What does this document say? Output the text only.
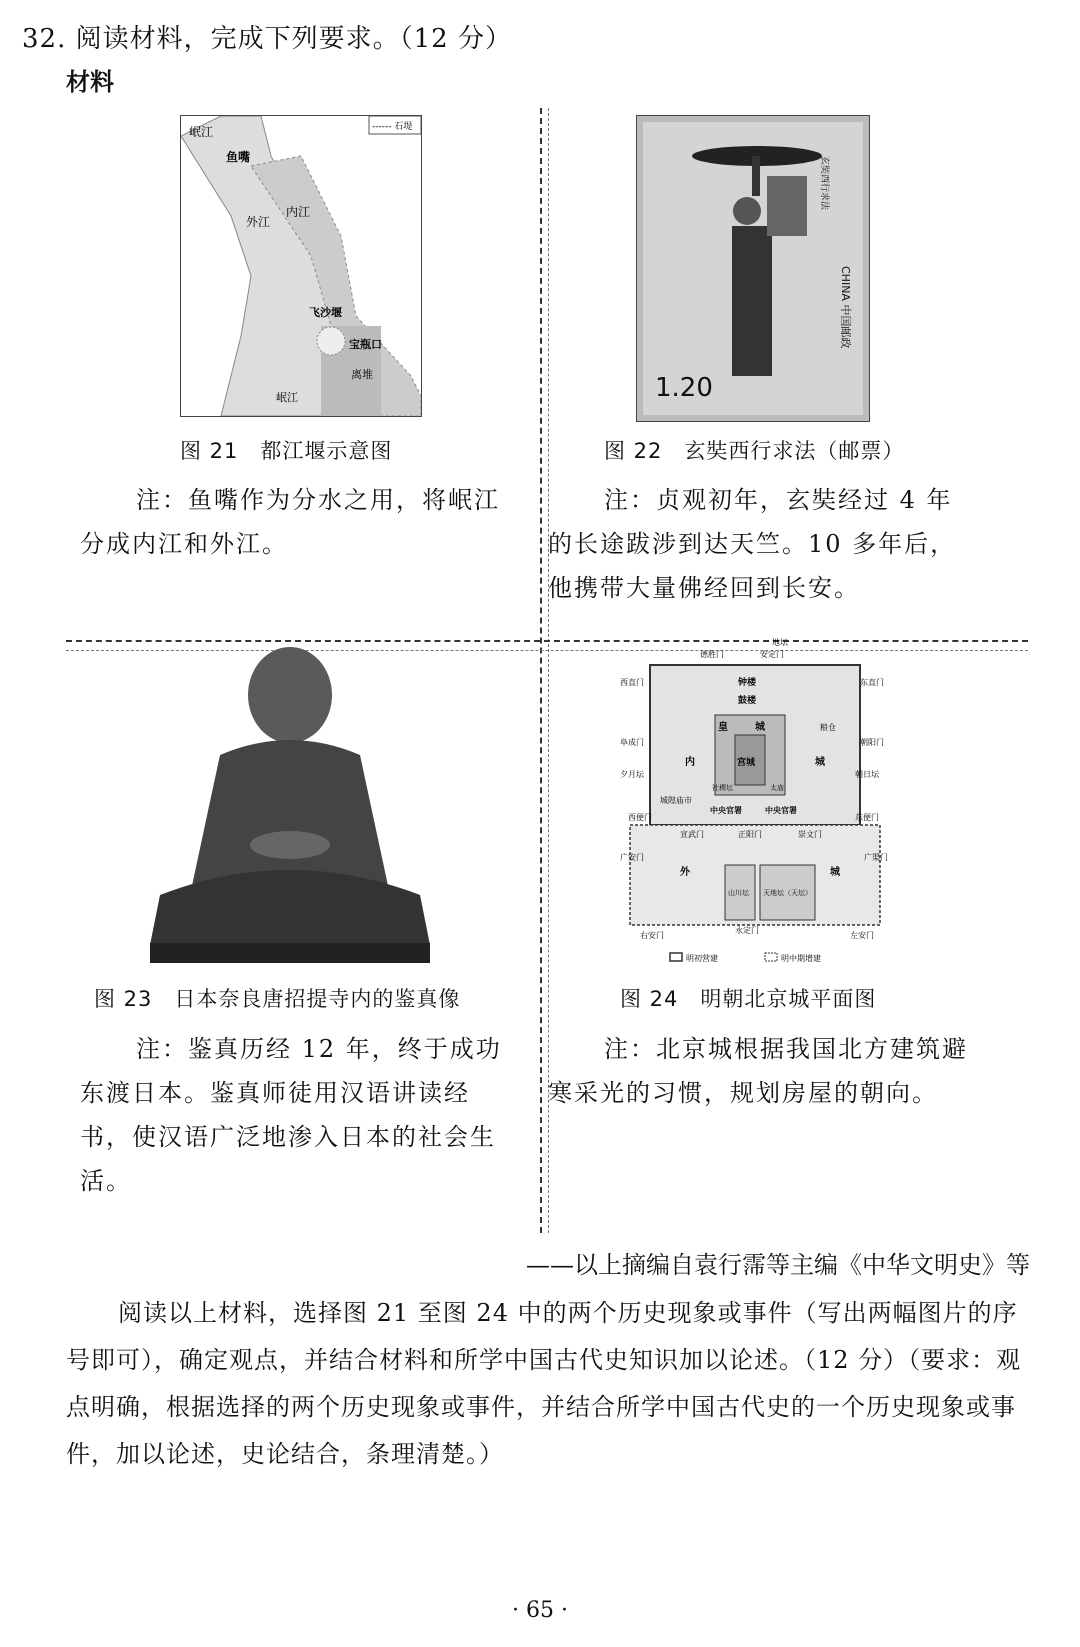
32. 阅读材料，完成下列要求。（12 分）
材料
------ 石堤
岷江
鱼嘴
外江
内江
飞沙堰
宝瓶口
离堆
岷江
图 21　都江堰示意图
注：鱼嘴作为分水之用，将岷江分成内江和外江。
1.20
CHINA 中国邮政
玄奘西行求法
图 22　玄奘西行求法（邮票）
注：贞观初年，玄奘经过 4 年的长途跋涉到达天竺。10 多年后，他携带大量佛经回到长安。
图 23　日本奈良唐招提寺内的鉴真像
注：鉴真历经 12 年，终于成功东渡日本。鉴真师徒用汉语讲读经书，使汉语广泛地渗入日本的社会生活。
地坛
德胜门	安定门
西直门	东直门
钟楼
鼓楼
皇	城
宫城
内	城
粮仓
阜成门	朝阳门
夕月坛	朝日坛
社稷坛	太庙
城隍庙市
中央官署	中央官署
西便门	东便门
宣武门	正阳门	崇文门
广安门	广渠门
外	城
山川坛 天地坛（天坛）
右安门
永定门
左安门
明初营建	明中期增建
图 24　明朝北京城平面图
注：北京城根据我国北方建筑避寒采光的习惯，规划房屋的朝向。
——以上摘编自袁行霈等主编《中华文明史》等
阅读以上材料，选择图 21 至图 24 中的两个历史现象或事件（写出两幅图片的序号即可），确定观点，并结合材料和所学中国古代史知识加以论述。（12 分）（要求：观点明确，根据选择的两个历史现象或事件，并结合所学中国古代史的一个历史现象或事件，加以论述，史论结合，条理清楚。）
· 65 ·
